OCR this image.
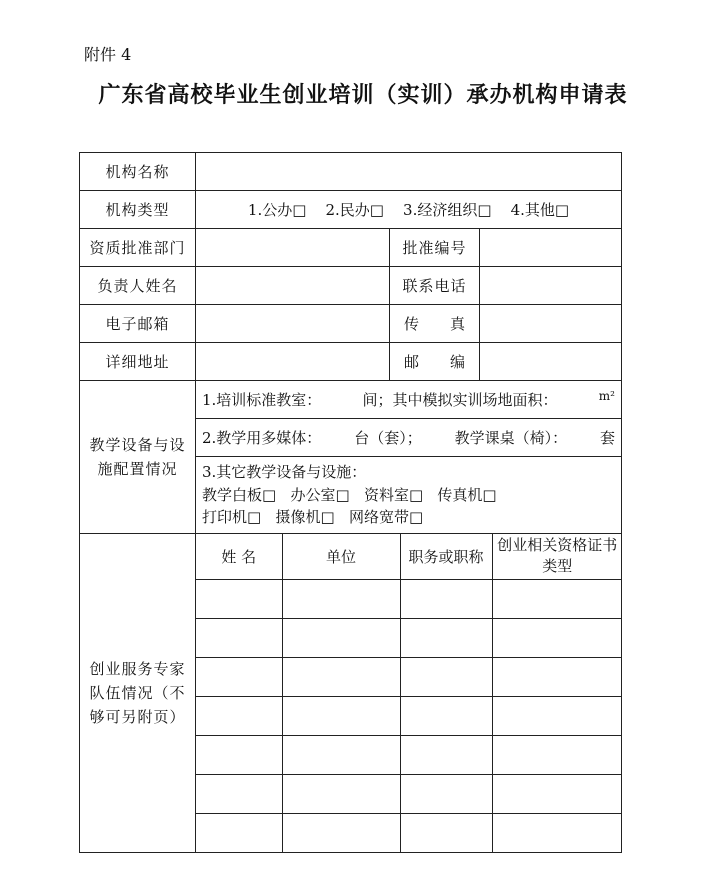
附件 4
广东省高校毕业生创业培训（实训）承办机构申请表
机构名称	
机构类型	1.公办□    2.民办□    3.经济组织□    4.其他□
资质批准部门		批准编号	
负责人姓名		联系电话	
电子邮箱		传真	
详细地址		邮编	
教学设备与设施配置情况	
1.培训标准教室：	间；其中模拟实训场地面积：	m²

2.教学用多媒体： 台（套）； 教学课桌（椅）： 套

3.其它教学设备与设施：
教学白板□   办公室□   资料室□   传真机□
打印机□   摄像机□   网络宽带□

创业服务专家队伍情况（不够可另附页）	
姓 名	单位	职务或职称	创业相关资格证书类型
